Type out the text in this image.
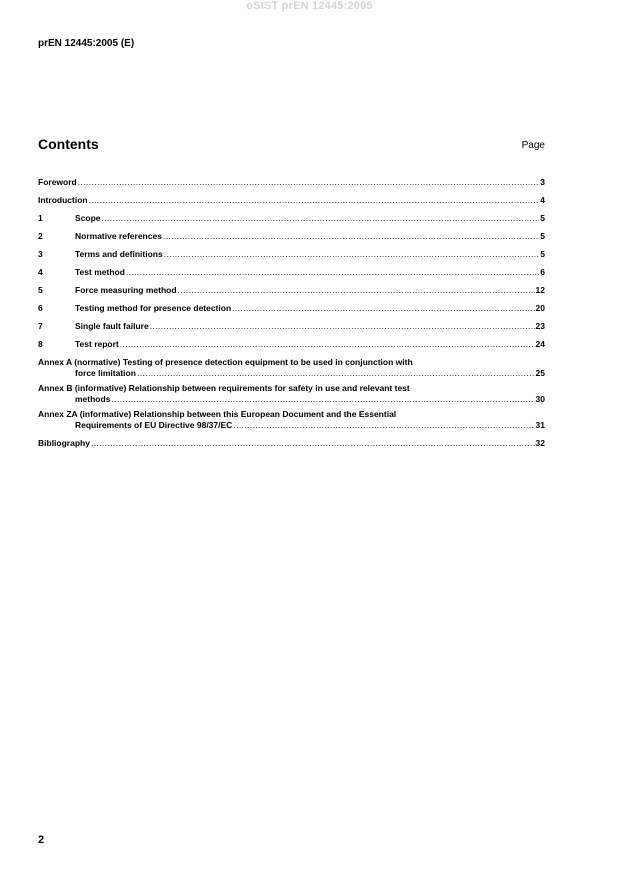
oSIST prEN 12445:2005
prEN 12445:2005 (E)
Contents	Page
Foreword .....	3
Introduction .....	4
1	Scope .....	5
2	Normative references .....	5
3	Terms and definitions .....	5
4	Test method .....	6
5	Force measuring method .....	12
6	Testing method for presence detection .....	20
7	Single fault failure .....	23
8	Test report .....	24
Annex A (normative) Testing of presence detection equipment to be used in conjunction with
force limitation .....	25
Annex B (informative) Relationship between requirements for safety in use and relevant test
methods .....	30
Annex ZA (informative) Relationship between this European Document and the Essential
Requirements of EU Directive 98/37/EC .....	31
Bibliography .....	32
2
